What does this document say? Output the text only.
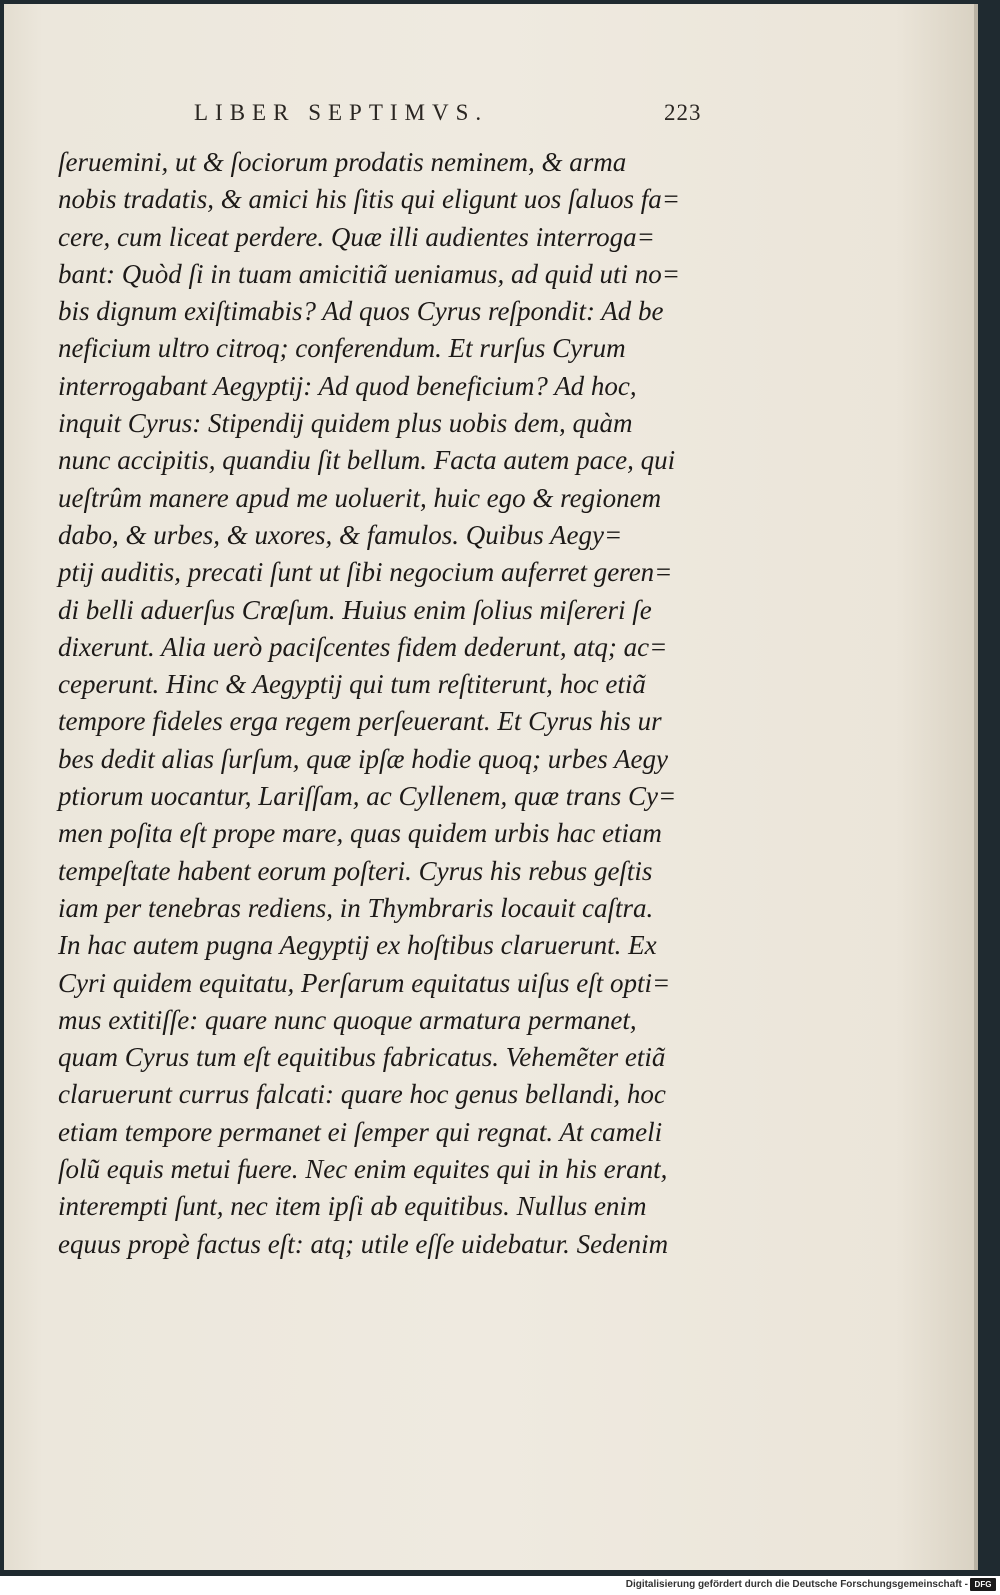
LIBER SEPTIMVS.	223
ſeruemini, ut & ſociorum prodatis neminem, & arma
nobis tradatis, & amici his ſitis qui eligunt uos ſaluos fa=
cere, cum liceat perdere. Quæ illi audientes interroga=
bant: Quòd ſi in tuam amicitiã ueniamus, ad quid uti no=
bis dignum exiſtimabis? Ad quos Cyrus reſpondit: Ad be
neficium ultro citroq; conferendum. Et rurſus Cyrum
interrogabant Aegyptij: Ad quod beneficium? Ad hoc,
inquit Cyrus: Stipendij quidem plus uobis dem, quàm
nunc accipitis, quandiu ſit bellum. Facta autem pace, qui
ueſtrûm manere apud me uoluerit, huic ego & regionem
dabo, & urbes, & uxores, & famulos. Quibus Aegy=
ptij auditis, precati ſunt ut ſibi negocium auferret geren=
di belli aduerſus Crœſum. Huius enim ſolius miſereri ſe
dixerunt. Alia uerò paciſcentes fidem dederunt, atq; ac=
ceperunt. Hinc & Aegyptij qui tum reſtiterunt, hoc etiã
tempore fideles erga regem perſeuerant. Et Cyrus his ur
bes dedit alias ſurſum, quæ ipſæ hodie quoq; urbes Aegy
ptiorum uocantur, Lariſſam, ac Cyllenem, quæ trans Cy=
men poſita eſt prope mare, quas quidem urbis hac etiam
tempeſtate habent eorum poſteri. Cyrus his rebus geſtis
iam per tenebras rediens, in Thymbraris locauit caſtra.
In hac autem pugna Aegyptij ex hoſtibus claruerunt. Ex
Cyri quidem equitatu, Perſarum equitatus uiſus eſt opti=
mus extitiſſe: quare nunc quoque armatura permanet,
quam Cyrus tum eſt equitibus fabricatus. Vehemẽter etiã
claruerunt currus falcati: quare hoc genus bellandi, hoc
etiam tempore permanet ei ſemper qui regnat. At cameli
ſolũ equis metui fuere. Nec enim equites qui in his erant,
interempti ſunt, nec item ipſi ab equitibus. Nullus enim
equus propè factus eſt: atq; utile eſſe uidebatur. Sedenim
Digitalisierung gefördert durch die Deutsche Forschungsgemeinschaft - DFG
